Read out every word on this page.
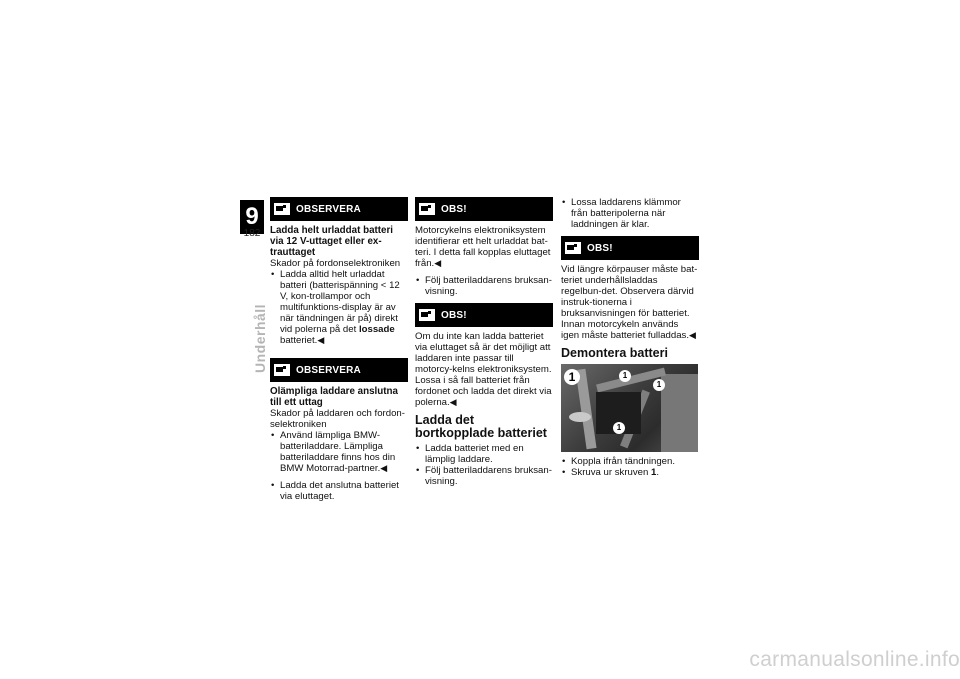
9
182
Underhåll
OBSERVERA
Ladda helt urladdat batteri via 12 V-uttaget eller ex-trauttaget

Skador på fordonselektroniken

• Ladda alltid helt urladdat batteri (batterispänning < 12 V, kon-trollampor och multifunktions-display är av när tändningen är på) direkt vid polerna på det lossade batteriet.◀
OBSERVERA
Olämpliga laddare anslutna till ett uttag

Skador på laddaren och fordon-selektroniken

• Använd lämpliga BMW-batteriladdare. Lämpliga batteriladdare finns hos din BMW Motorrad-partner.◀
• Ladda det anslutna batteriet via eluttaget.
OBS!

Motorcykelns elektroniksystem identifierar ett helt urladdat bat-teri. I detta fall kopplas eluttaget från.◀

• Följ batteriladdarens bruksan-visning.
OBS!

Om du inte kan ladda batteriet via eluttaget så är det möjligt att laddaren inte passar till motorcy-kelns elektroniksystem. Lossa i så fall batteriet från fordonet och ladda det direkt via polerna.◀

Ladda det bortkopplade batteriet
• Ladda batteriet med en lämplig laddare.
• Följ batteriladdarens bruksan-visning.
• Lossa laddarens klämmor från batteripolerna när laddningen är klar.
OBS!

Vid längre körpauser måste bat-teriet underhållsladdas regelbun-det. Observera därvid instruk-tionerna i bruksanvisningen för batteriet. Innan motorcykeln används igen måste batteriet fulladdas.◀

Demontera batteri
1	1
1
1
• Koppla ifrån tändningen.
• Skruva ur skruven 1.
carmanualsonline.info
